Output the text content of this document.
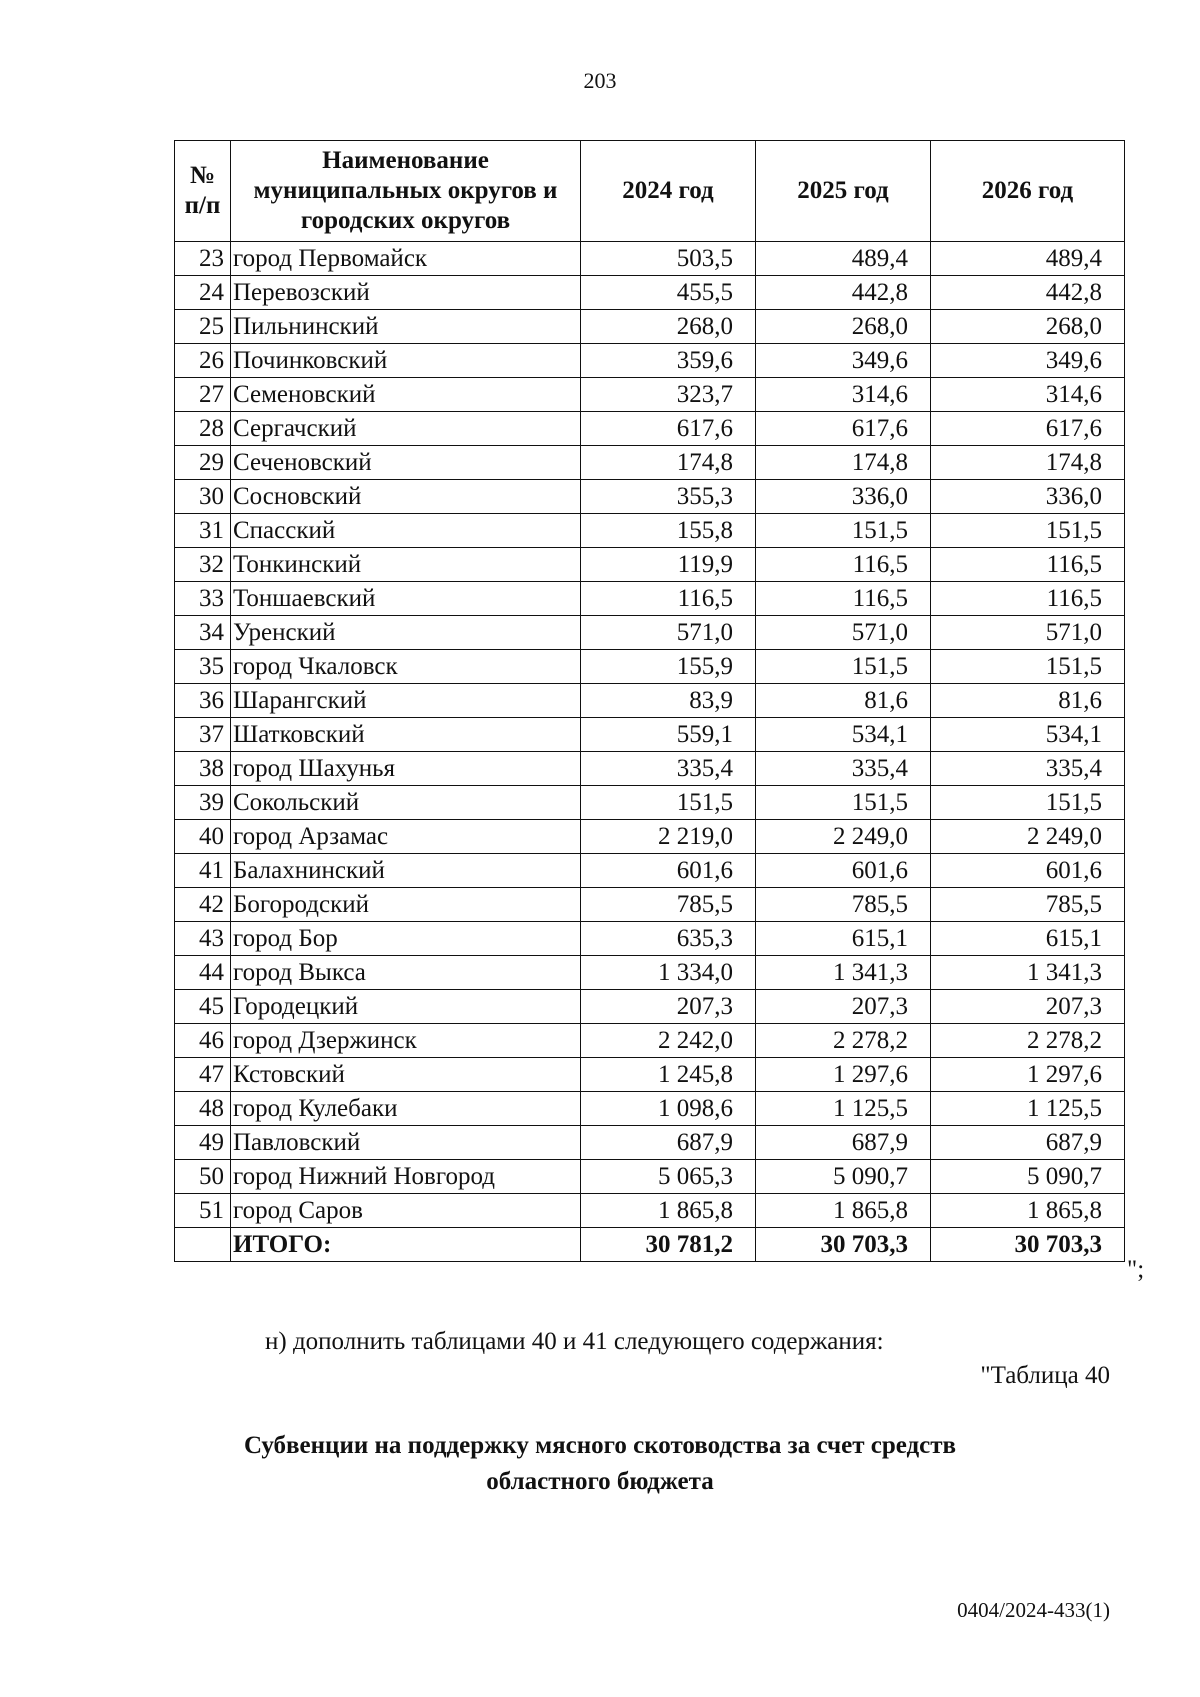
203
№ п/п	Наименование муниципальных округов и городских округов	2024 год	2025 год	2026 год
23	город Первомайск	503,5	489,4	489,4
24	Перевозский	455,5	442,8	442,8
25	Пильнинский	268,0	268,0	268,0
26	Починковский	359,6	349,6	349,6
27	Семеновский	323,7	314,6	314,6
28	Сергачский	617,6	617,6	617,6
29	Сеченовский	174,8	174,8	174,8
30	Сосновский	355,3	336,0	336,0
31	Спасский	155,8	151,5	151,5
32	Тонкинский	119,9	116,5	116,5
33	Тоншаевский	116,5	116,5	116,5
34	Уренский	571,0	571,0	571,0
35	город Чкаловск	155,9	151,5	151,5
36	Шарангский	83,9	81,6	81,6
37	Шатковский	559,1	534,1	534,1
38	город Шахунья	335,4	335,4	335,4
39	Сокольский	151,5	151,5	151,5
40	город Арзамас	2 219,0	2 249,0	2 249,0
41	Балахнинский	601,6	601,6	601,6
42	Богородский	785,5	785,5	785,5
43	город Бор	635,3	615,1	615,1
44	город Выкса	1 334,0	1 341,3	1 341,3
45	Городецкий	207,3	207,3	207,3
46	город Дзержинск	2 242,0	2 278,2	2 278,2
47	Кстовский	1 245,8	1 297,6	1 297,6
48	город Кулебаки	1 098,6	1 125,5	1 125,5
49	Павловский	687,9	687,9	687,9
50	город Нижний Новгород	5 065,3	5 090,7	5 090,7
51	город Саров	1 865,8	1 865,8	1 865,8
	ИТОГО:	30 781,2	30 703,3	30 703,3
";
н) дополнить таблицами 40 и 41 следующего содержания:
"Таблица 40
Субвенции на поддержку мясного скотоводства за счет средств
областного бюджета
0404/2024-433(1)
